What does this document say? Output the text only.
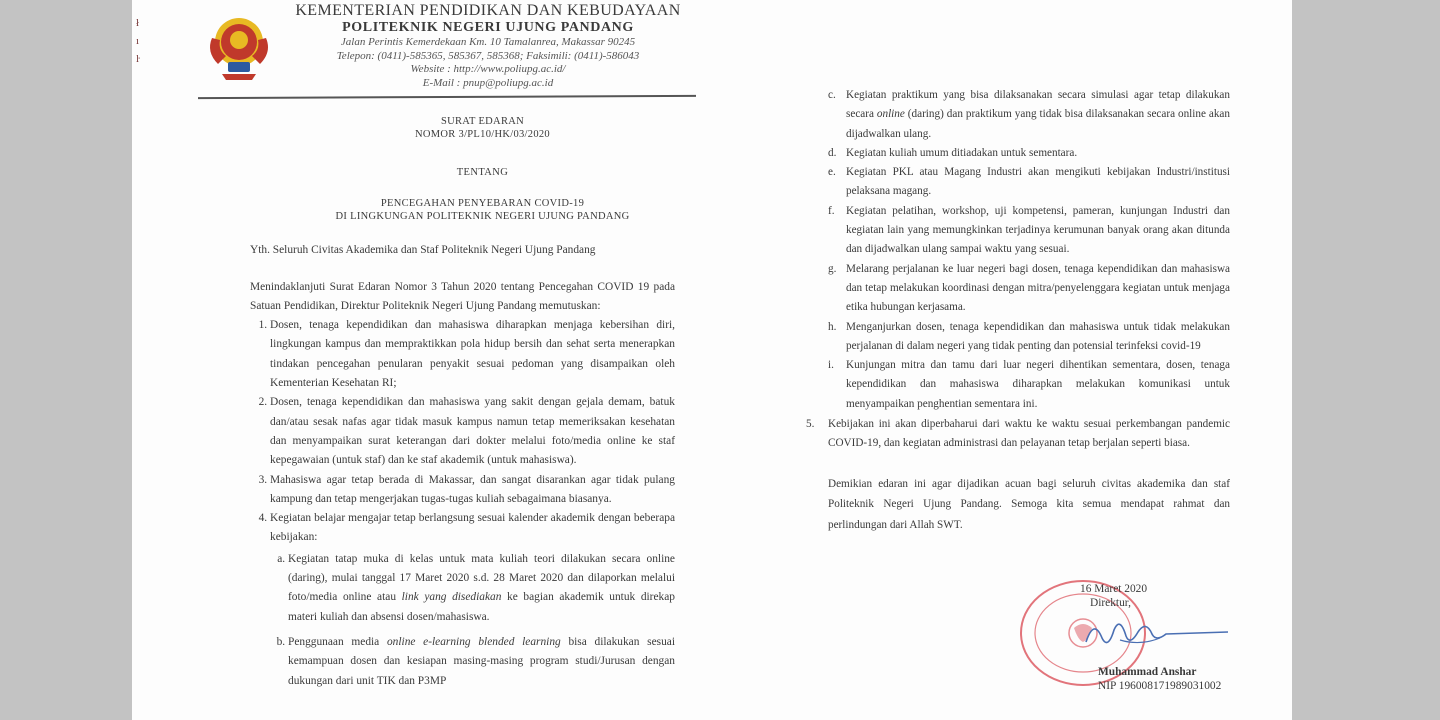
ł
ı
ŀ
KEMENTERIAN PENDIDIKAN DAN KEBUDAYAAN
POLITEKNIK NEGERI UJUNG PANDANG
Jalan Perintis Kemerdekaan Km. 10 Tamalanrea, Makassar 90245
Telepon: (0411)-585365, 585367, 585368; Faksimili: (0411)-586043
Website : http://www.poliupg.ac.id/
E-Mail : pnup@poliupg.ac.id
SURAT EDARAN
NOMOR 3/PL10/HK/03/2020
TENTANG
PENCEGAHAN PENYEBARAN COVID-19
DI LINGKUNGAN POLITEKNIK NEGERI UJUNG PANDANG
Yth. Seluruh Civitas Akademika dan Staf Politeknik Negeri Ujung Pandang
Menindaklanjuti Surat Edaran Nomor 3 Tahun 2020 tentang Pencegahan COVID 19 pada Satuan Pendidikan, Direktur Politeknik Negeri Ujung Pandang memutuskan:
1. Dosen, tenaga kependidikan dan mahasiswa diharapkan menjaga kebersihan diri, lingkungan kampus dan mempraktikkan pola hidup bersih dan sehat serta menerapkan tindakan pencegahan penularan penyakit sesuai pedoman yang disampaikan oleh Kementerian Kesehatan RI;
2. Dosen, tenaga kependidikan dan mahasiswa yang sakit dengan gejala demam, batuk dan/atau sesak nafas agar tidak masuk kampus namun tetap memeriksakan kesehatan dan menyampaikan surat keterangan dari dokter melalui foto/media online ke staf kepegawaian (untuk staf) dan ke staf akademik (untuk mahasiswa).
3. Mahasiswa agar tetap berada di Makassar, dan sangat disarankan agar tidak pulang kampung dan tetap mengerjakan tugas-tugas kuliah sebagaimana biasanya.
4. Kegiatan belajar mengajar tetap berlangsung sesuai kalender akademik dengan beberapa kebijakan:
a. Kegiatan tatap muka di kelas untuk mata kuliah teori dilakukan secara online (daring), mulai tanggal 17 Maret 2020 s.d. 28 Maret 2020 dan dilaporkan melalui foto/media online atau link yang disediakan ke bagian akademik untuk direkap materi kuliah dan absensi dosen/mahasiswa.
b. Penggunaan media online e-learning blended learning bisa dilakukan sesuai kemampuan dosen dan kesiapan masing-masing program studi/Jurusan dengan dukungan dari unit TIK dan P3MP
c. Kegiatan praktikum yang bisa dilaksanakan secara simulasi agar tetap dilakukan secara online (daring) dan praktikum yang tidak bisa dilaksanakan secara online akan dijadwalkan ulang.
d. Kegiatan kuliah umum ditiadakan untuk sementara.
e. Kegiatan PKL atau Magang Industri akan mengikuti kebijakan Industri/institusi pelaksana magang.
f. Kegiatan pelatihan, workshop, uji kompetensi, pameran, kunjungan Industri dan kegiatan lain yang memungkinkan terjadinya kerumunan banyak orang akan ditunda dan dijadwalkan ulang sampai waktu yang sesuai.
g. Melarang perjalanan ke luar negeri bagi dosen, tenaga kependidikan dan mahasiswa dan tetap melakukan koordinasi dengan mitra/penyelenggara kegiatan untuk menjaga etika hubungan kerjasama.
h. Menganjurkan dosen, tenaga kependidikan dan mahasiswa untuk tidak melakukan perjalanan di dalam negeri yang tidak penting dan potensial terinfeksi covid-19
i. Kunjungan mitra dan tamu dari luar negeri dihentikan sementara, dosen, tenaga kependidikan dan mahasiswa diharapkan melakukan komunikasi untuk menyampaikan penghentian sementara ini.
5. Kebijakan ini akan diperbaharui dari waktu ke waktu sesuai perkembangan pandemic COVID-19, dan kegiatan administrasi dan pelayanan tetap berjalan seperti biasa.
Demikian edaran ini agar dijadikan acuan bagi seluruh civitas akademika dan staf Politeknik Negeri Ujung Pandang. Semoga kita semua mendapat rahmat dan perlindungan dari Allah SWT.
16 Maret 2020
Direktur,
Muhammad Anshar
NIP 196008171989031002
